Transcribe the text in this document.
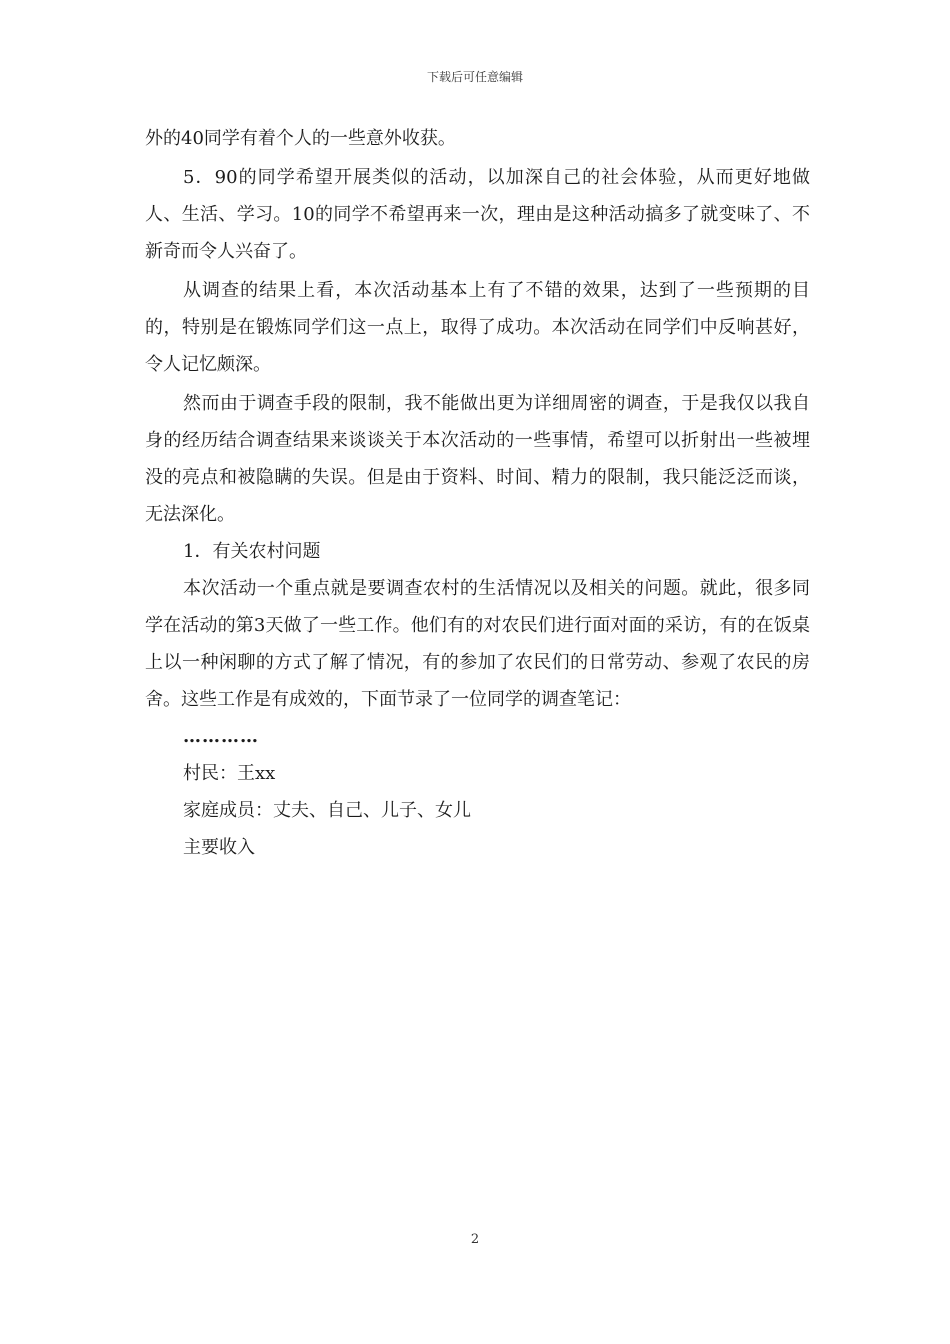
下载后可任意编辑

外的40同学有着个人的一些意外收获。

5．90的同学希望开展类似的活动，以加深自己的社会体验，从而更好地做人、生活、学习。10的同学不希望再来一次，理由是这种活动搞多了就变味了、不新奇而令人兴奋了。

从调查的结果上看，本次活动基本上有了不错的效果，达到了一些预期的目的，特别是在锻炼同学们这一点上，取得了成功。本次活动在同学们中反响甚好，令人记忆颇深。

然而由于调查手段的限制，我不能做出更为详细周密的调查，于是我仅以我自身的经历结合调查结果来谈谈关于本次活动的一些事情，希望可以折射出一些被埋没的亮点和被隐瞒的失误。但是由于资料、时间、精力的限制，我只能泛泛而谈，无法深化。

1．有关农村问题

本次活动一个重点就是要调查农村的生活情况以及相关的问题。就此，很多同学在活动的第3天做了一些工作。他们有的对农民们进行面对面的采访，有的在饭桌上以一种闲聊的方式了解了情况，有的参加了农民们的日常劳动、参观了农民的房舍。这些工作是有成效的，下面节录了一位同学的调查笔记：

…………

村民：王xx

家庭成员：丈夫、自己、儿子、女儿

主要收入

2
